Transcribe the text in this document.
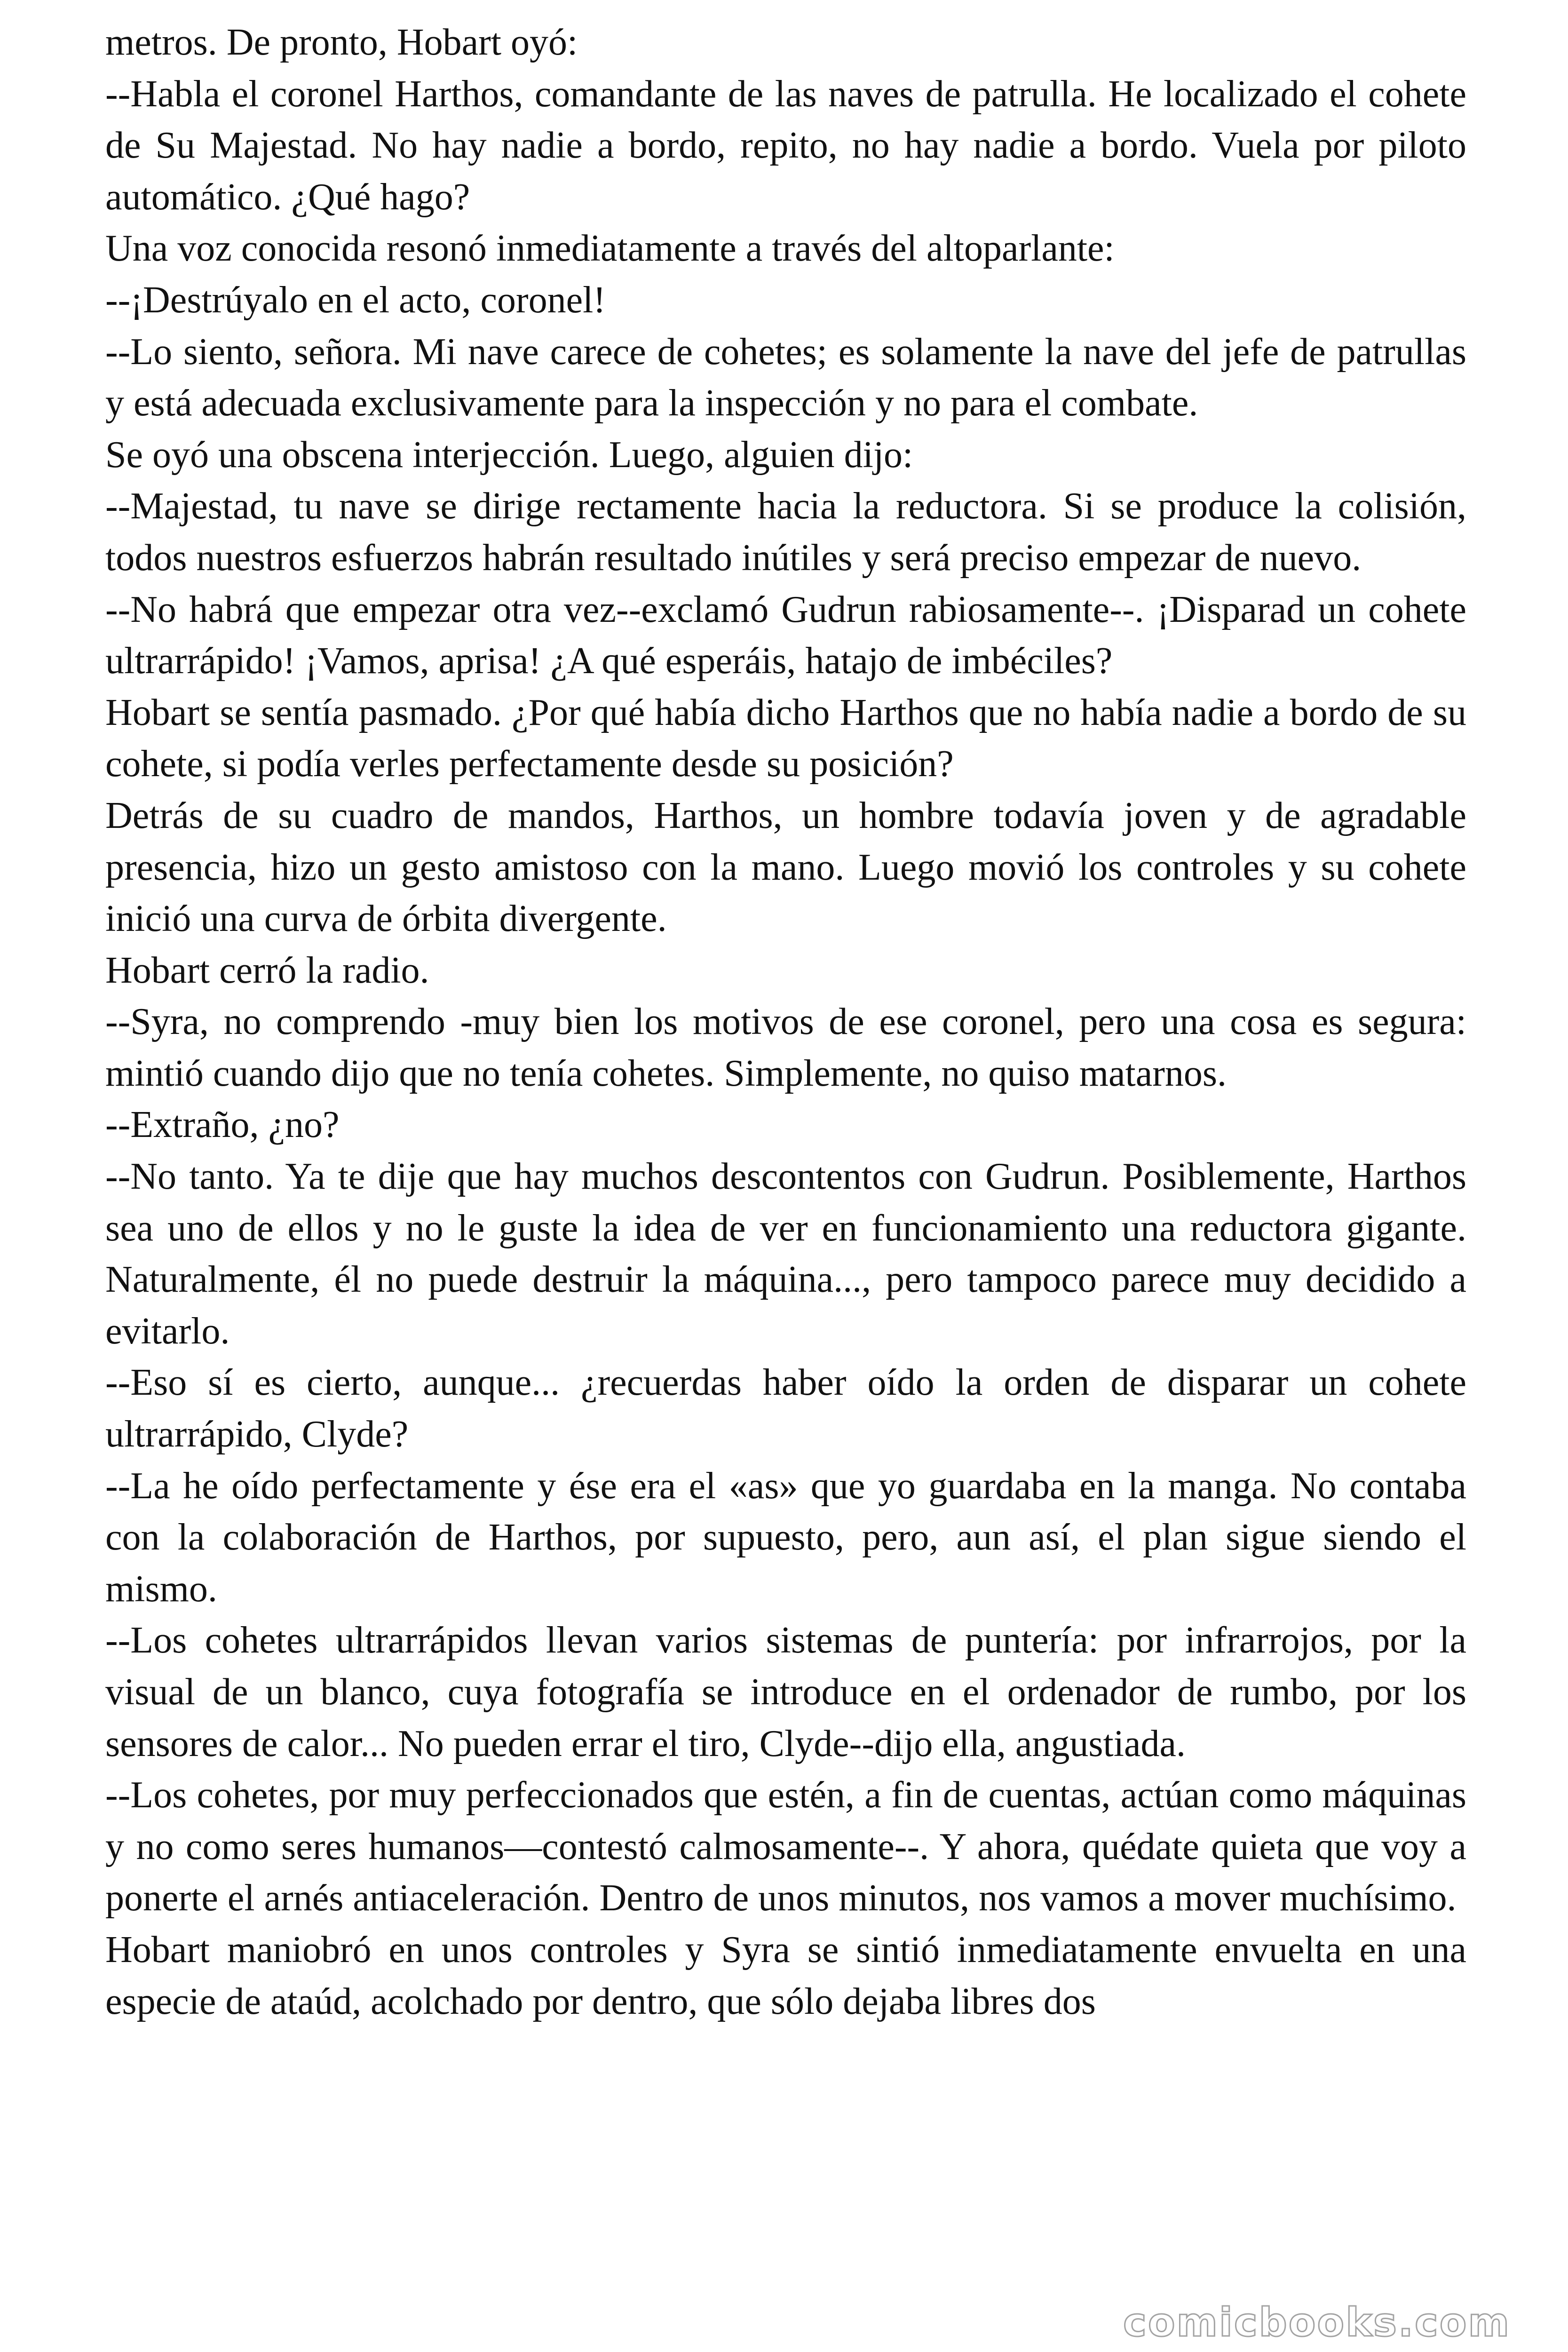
metros. De pronto, Hobart oyó:

--Habla el coronel Harthos, comandante de las naves de patrulla. He localizado el cohete de Su Majestad. No hay nadie a bordo, repito, no hay nadie a bordo. Vuela por piloto automático. ¿Qué hago?

Una voz conocida resonó inmediatamente a través del altoparlante:

--¡Destrúyalo en el acto, coronel!

--Lo siento, señora. Mi nave carece de cohetes; es solamente la nave del jefe de patrullas y está adecuada exclusivamente para la inspección y no para el combate.

Se oyó una obscena interjección. Luego, alguien dijo:

--Majestad, tu nave se dirige rectamente hacia la reductora. Si se produce la colisión, todos nuestros esfuerzos habrán resultado inútiles y será preciso empezar de nuevo.

--No habrá que empezar otra vez--exclamó Gudrun rabiosamente--. ¡Disparad un cohete ultrarrápido! ¡Vamos, aprisa! ¿A qué esperáis, hatajo de imbéciles?

Hobart se sentía pasmado. ¿Por qué había dicho Harthos que no había nadie a bordo de su cohete, si podía verles perfectamente desde su posición?

Detrás de su cuadro de mandos, Harthos, un hombre todavía joven y de agradable presencia, hizo un gesto amistoso con la mano. Luego movió los controles y su cohete inició una curva de órbita divergente.

Hobart cerró la radio.

--Syra, no comprendo -muy bien los motivos de ese coronel, pero una cosa es segura: mintió cuando dijo que no tenía cohetes. Simplemente, no quiso matarnos.

--Extraño, ¿no?

--No tanto. Ya te dije que hay muchos descontentos con Gudrun. Posiblemente, Harthos sea uno de ellos y no le guste la idea de ver en funcionamiento una reductora gigante. Naturalmente, él no puede destruir la máquina..., pero tampoco parece muy decidido a evitarlo.

--Eso sí es cierto, aunque... ¿recuerdas haber oído la orden de disparar un cohete ultrarrápido, Clyde?

--La he oído perfectamente y ése era el «as» que yo guardaba en la manga. No contaba con la colaboración de Harthos, por supuesto, pero, aun así, el plan sigue siendo el mismo.

--Los cohetes ultrarrápidos llevan varios sistemas de puntería: por infrarrojos, por la visual de un blanco, cuya fotografía se introduce en el ordenador de rumbo, por los sensores de calor... No pueden errar el tiro, Clyde--dijo ella, angustiada.

--Los cohetes, por muy perfeccionados que estén, a fin de cuentas, actúan como máquinas y no como seres humanos—contestó calmosamente--. Y ahora, quédate quieta que voy a ponerte el arnés antiaceleración. Dentro de unos minutos, nos vamos a mover muchísimo.

Hobart maniobró en unos controles y Syra se sintió inmediatamente envuelta en una especie de ataúd, acolchado por dentro, que sólo dejaba libres dos

comicbooks.com
